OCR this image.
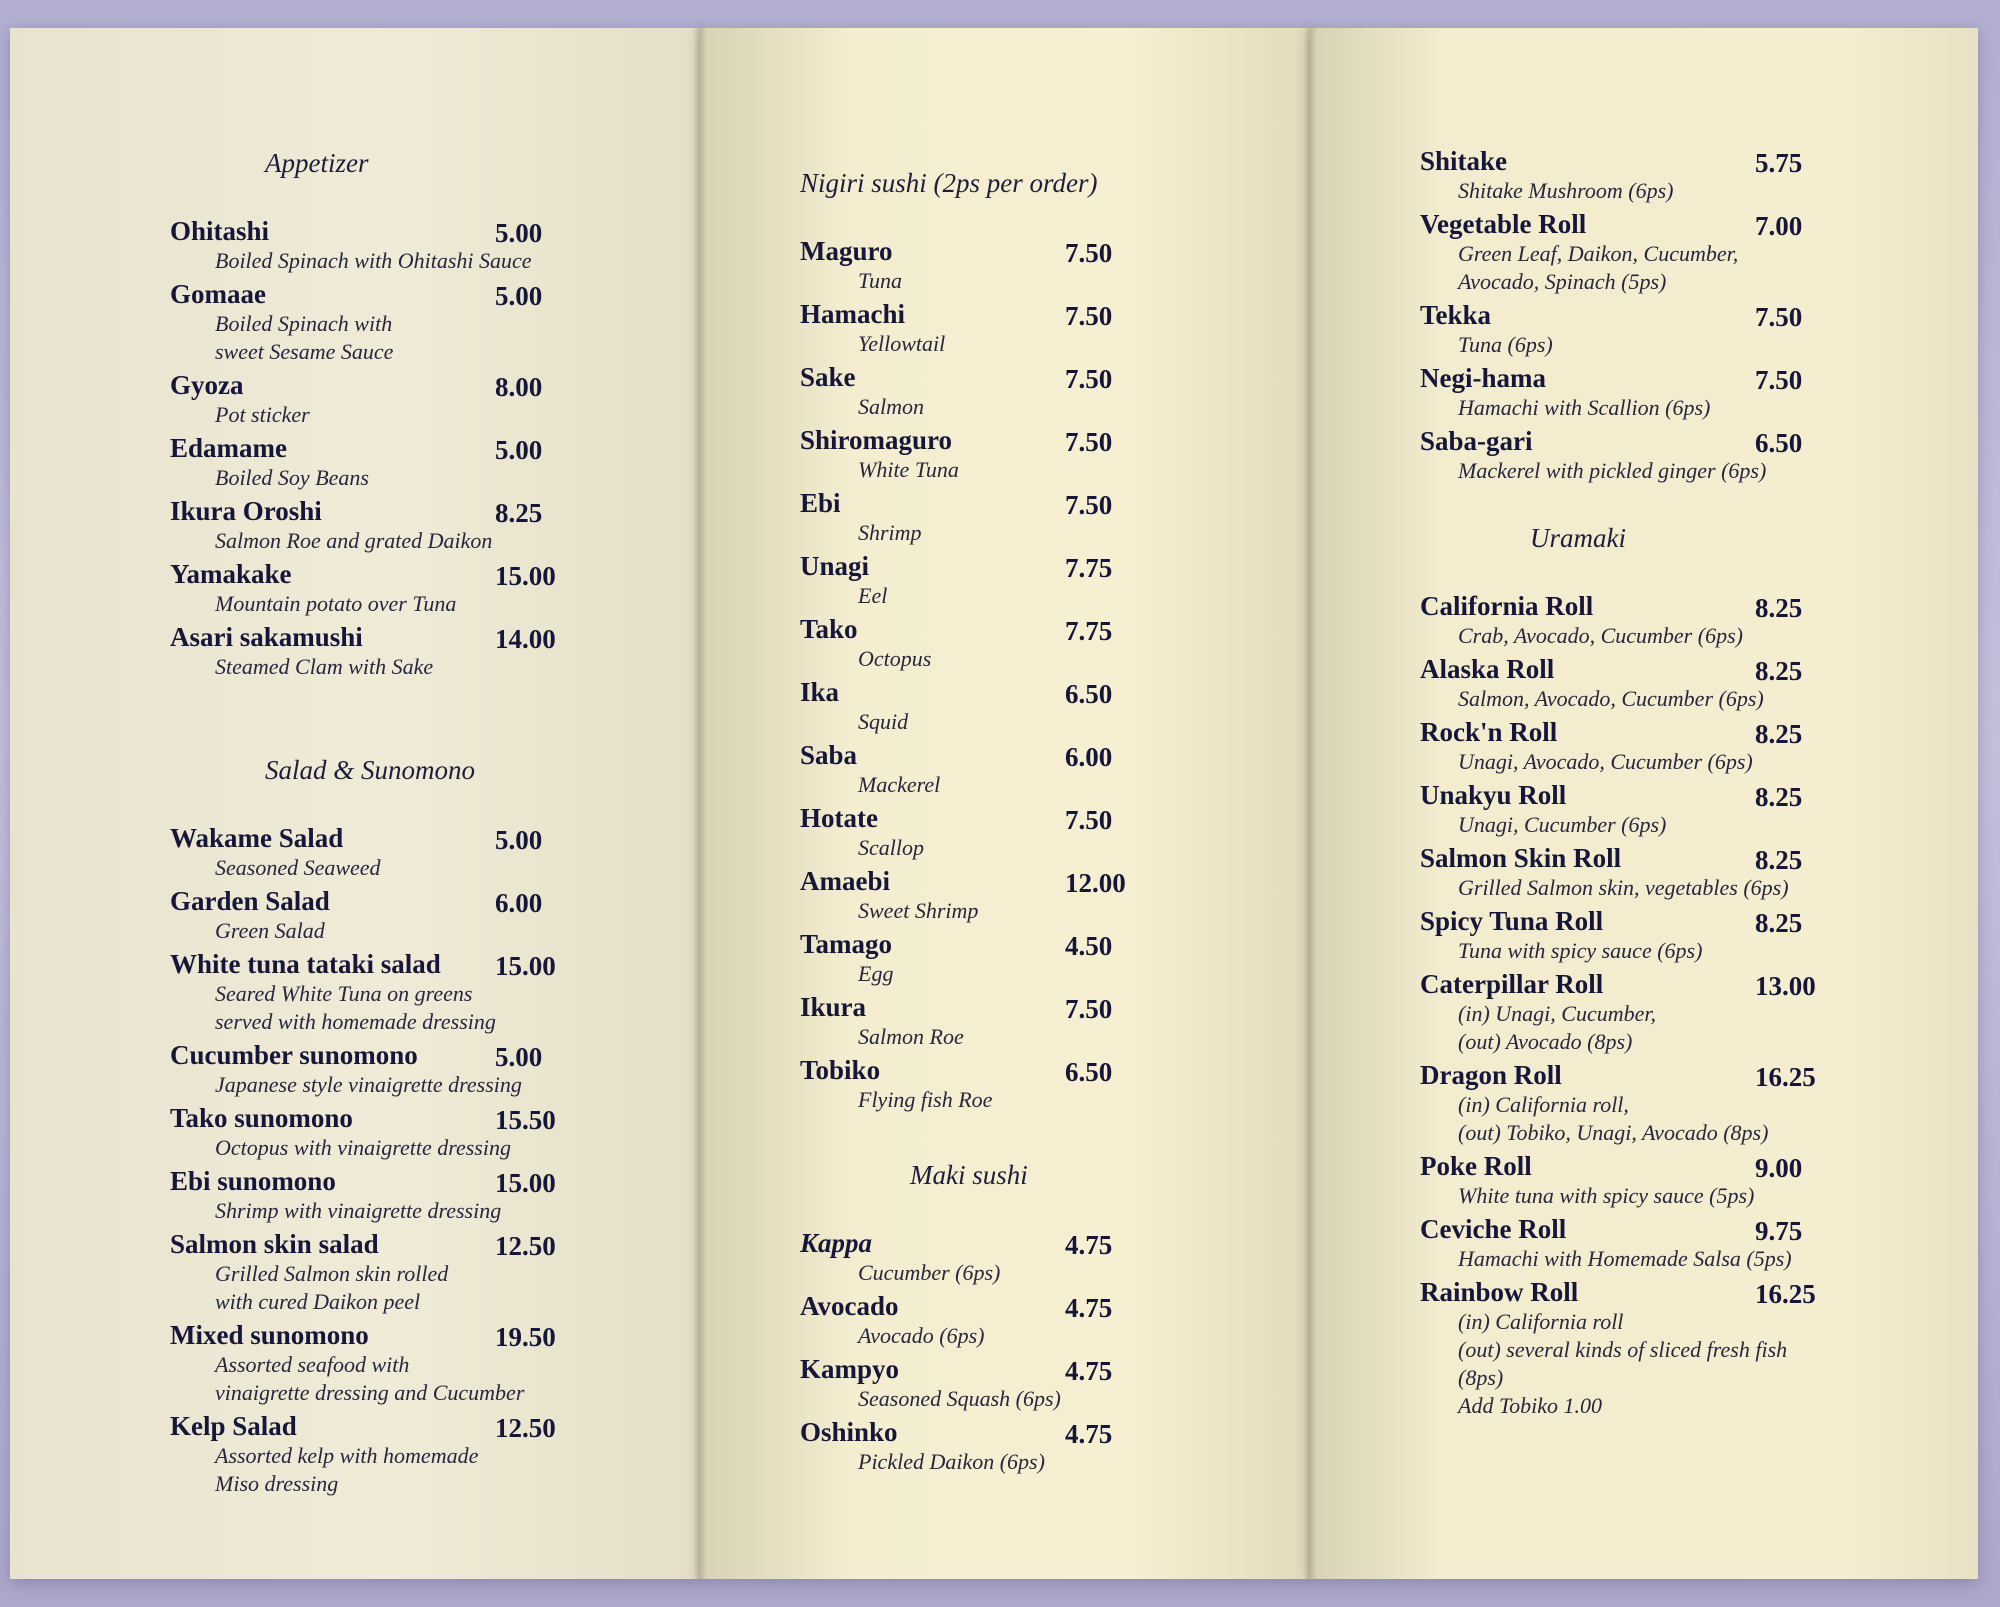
Appetizer
Ohitashi	5.00
Boiled Spinach with Ohitashi Sauce
Gomaae	5.00
Boiled Spinach with
sweet Sesame Sauce
Gyoza	8.00
Pot sticker
Edamame	5.00
Boiled Soy Beans
Ikura Oroshi	8.25
Salmon Roe and grated Daikon
Yamakake	15.00
Mountain potato over Tuna
Asari sakamushi	14.00
Steamed Clam with Sake
Salad & Sunomono
Wakame Salad	5.00
Seasoned Seaweed
Garden Salad	6.00
Green Salad
White tuna tataki salad 15.00
Seared White Tuna on greens
served with homemade dressing
Cucumber sunomono	5.00
Japanese style vinaigrette dressing
Tako sunomono	15.50
Octopus with vinaigrette dressing
Ebi sunomono	15.00
Shrimp with vinaigrette dressing
Salmon skin salad	12.50
Grilled Salmon skin rolled
with cured Daikon peel
Mixed sunomono	19.50
Assorted seafood with
vinaigrette dressing and Cucumber
Kelp Salad	12.50
Assorted kelp with homemade
Miso dressing
Nigiri sushi (2ps per order)
Maguro	7.50
Tuna
Hamachi	7.50
Yellowtail
Sake	7.50
Salmon
Shiromaguro	7.50
White Tuna
Ebi	7.50
Shrimp
Unagi	7.75
Eel
Tako	7.75
Octopus
Ika	6.50
Squid
Saba	6.00
Mackerel
Hotate	7.50
Scallop
Amaebi	12.00
Sweet Shrimp
Tamago	4.50
Egg
Ikura	7.50
Salmon Roe
Tobiko	6.50
Flying fish Roe
Maki sushi
Kappa	4.75
Cucumber (6ps)
Avocado	4.75
Avocado (6ps)
Kampyo	4.75
Seasoned Squash (6ps)
Oshinko	4.75
Pickled Daikon (6ps)
Shitake	5.75
Shitake Mushroom (6ps)
Vegetable Roll	7.00
Green Leaf, Daikon, Cucumber,
Avocado, Spinach (5ps)
Tekka	7.50
Tuna (6ps)
Negi-hama	7.50
Hamachi with Scallion (6ps)
Saba-gari	6.50
Mackerel with pickled ginger (6ps)
Uramaki
California Roll	8.25
Crab, Avocado, Cucumber (6ps)
Alaska Roll	8.25
Salmon, Avocado, Cucumber (6ps)
Rock'n Roll	8.25
Unagi, Avocado, Cucumber (6ps)
Unakyu Roll	8.25
Unagi, Cucumber (6ps)
Salmon Skin Roll	8.25
Grilled Salmon skin, vegetables (6ps)
Spicy Tuna Roll	8.25
Tuna with spicy sauce (6ps)
Caterpillar Roll	13.00
(in) Unagi, Cucumber,
(out) Avocado (8ps)
Dragon Roll	16.25
(in) California roll,
(out) Tobiko, Unagi, Avocado (8ps)
Poke Roll	9.00
White tuna with spicy sauce (5ps)
Ceviche Roll	9.75
Hamachi with Homemade Salsa (5ps)
Rainbow Roll	16.25
(in) California roll
(out) several kinds of sliced fresh fish
(8ps)
Add Tobiko 1.00
